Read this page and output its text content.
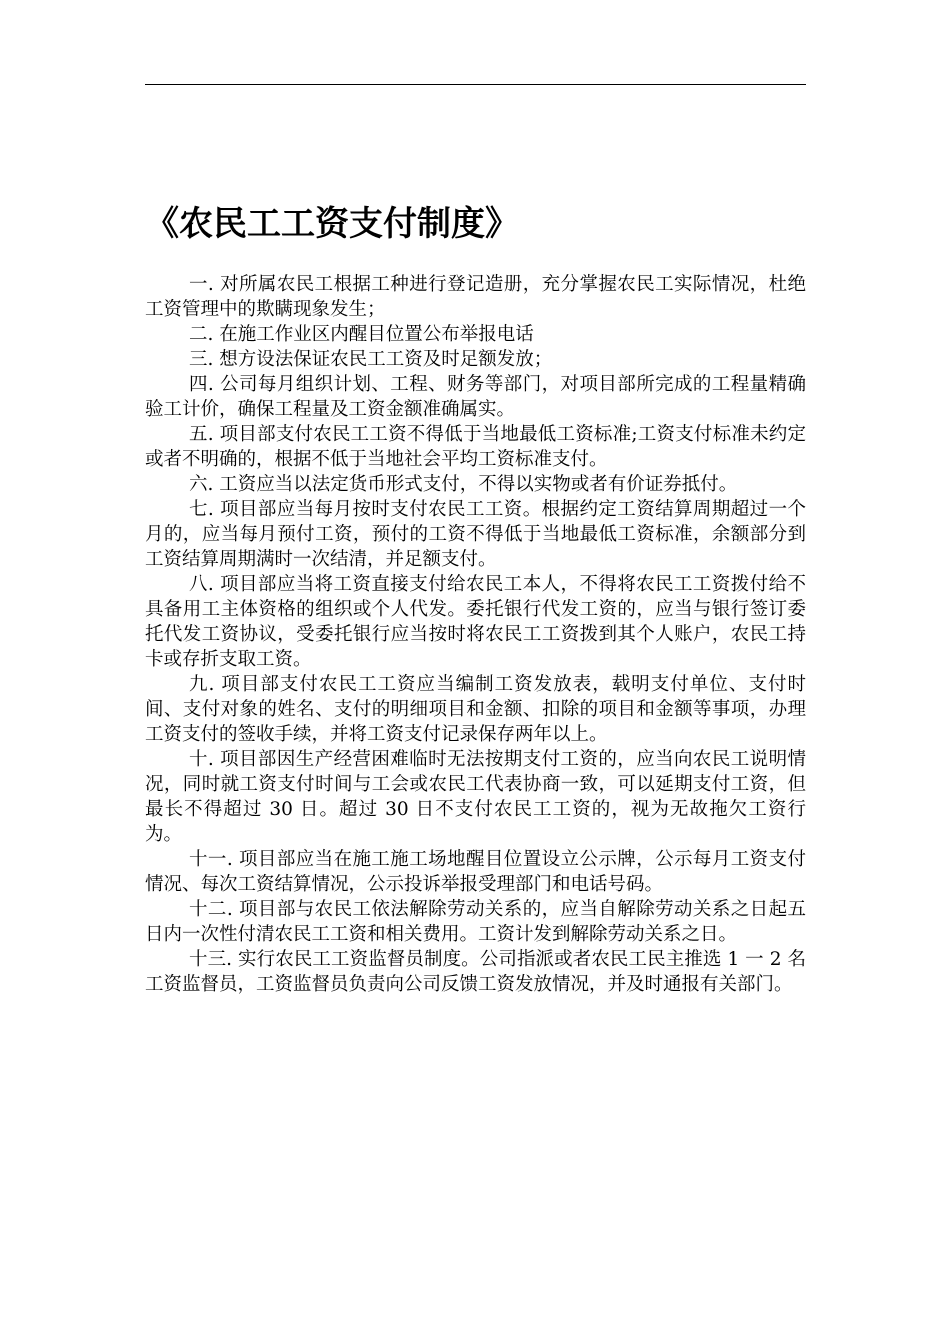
《农民工工资支付制度》

一. 对所属农民工根据工种进行登记造册，充分掌握农民工实际情况，杜绝工资管理中的欺瞒现象发生；

二. 在施工作业区内醒目位置公布举报电话

三. 想方设法保证农民工工资及时足额发放；

四. 公司每月组织计划、工程、财务等部门，对项目部所完成的工程量精确验工计价，确保工程量及工资金额准确属实。

五. 项目部支付农民工工资不得低于当地最低工资标准;工资支付标准未约定或者不明确的，根据不低于当地社会平均工资标准支付。

六. 工资应当以法定货币形式支付，不得以实物或者有价证券抵付。

七. 项目部应当每月按时支付农民工工资。根据约定工资结算周期超过一个月的，应当每月预付工资，预付的工资不得低于当地最低工资标准，余额部分到工资结算周期满时一次结清，并足额支付。

八. 项目部应当将工资直接支付给农民工本人，不得将农民工工资拨付给不具备用工主体资格的组织或个人代发。委托银行代发工资的，应当与银行签订委托代发工资协议，受委托银行应当按时将农民工工资拨到其个人账户，农民工持卡或存折支取工资。

九. 项目部支付农民工工资应当编制工资发放表，载明支付单位、支付时间、支付对象的姓名、支付的明细项目和金额、扣除的项目和金额等事项，办理工资支付的签收手续，并将工资支付记录保存两年以上。

十. 项目部因生产经营困难临时无法按期支付工资的，应当向农民工说明情况，同时就工资支付时间与工会或农民工代表协商一致，可以延期支付工资，但最长不得超过 30 日。超过 30 日不支付农民工工资的，视为无故拖欠工资行为。

十一. 项目部应当在施工施工场地醒目位置设立公示牌，公示每月工资支付情况、每次工资结算情况，公示投诉举报受理部门和电话号码。

十二. 项目部与农民工依法解除劳动关系的，应当自解除劳动关系之日起五日内一次性付清农民工工资和相关费用。工资计发到解除劳动关系之日。

十三. 实行农民工工资监督员制度。公司指派或者农民工民主推选 1 一 2 名工资监督员，工资监督员负责向公司反馈工资发放情况，并及时通报有关部门。
